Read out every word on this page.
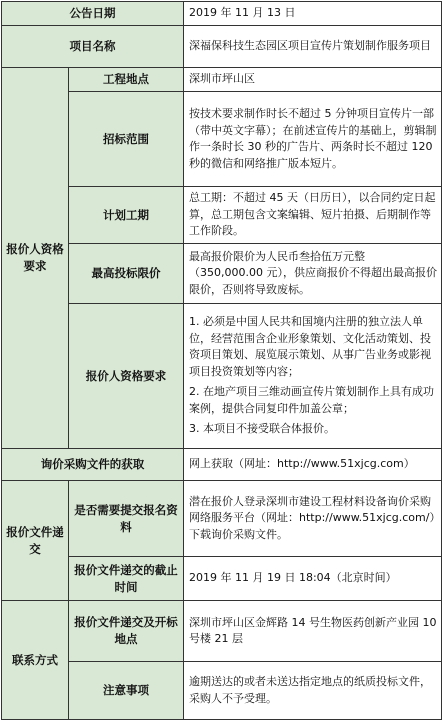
公告日期		2019 年 11 月 13 日
项目名称		深福保科技生态园区项目宣传片策划制作服务项目
报价人资格要求	工程地点	深圳市坪山区
	招标范围	按技术要求制作时长不超过 5 分钟项目宣传片一部（带中英文字幕）；在前述宣传片的基础上，剪辑制作一条时长 30 秒的广告片、两条时长不超过 120 秒的微信和网络推广版本短片。
	计划工期	总工期：不超过 45 天（日历日），以合同约定日起算，总工期包含文案编辑、短片拍摄、后期制作等工作阶段。
	最高投标限价	最高报价限价为人民币叁拾伍万元整（350,000.00 元），供应商报价不得超出最高报价限价，否则将导致废标。
	报价人资格要求	1. 必须是中国人民共和国境内注册的独立法人单位，经营范围含企业形象策划、文化活动策划、投资项目策划、展览展示策划、从事广告业务或影视项目投资策划等内容；
2. 在地产项目三维动画宣传片策划制作上具有成功案例，提供合同复印件加盖公章；
3. 本项目不接受联合体报价。

询价采购文件的获取		网上获取（网址：http://www.51xjcg.com）
报价文件递交	是否需要提交报名资料	潜在报价人登录深圳市建设工程材料设备询价采购网络服务平台（网址：http://www.51xjcg.com/）下载询价采购文件。
	报价文件递交的截止时间	2019 年 11 月 19 日 18:04（北京时间）
联系方式	报价文件递交及开标地点	深圳市坪山区金辉路 14 号生物医药创新产业园 10 号楼 21 层
	注意事项	逾期送达的或者未送达指定地点的纸质投标文件，采购人不予受理。
